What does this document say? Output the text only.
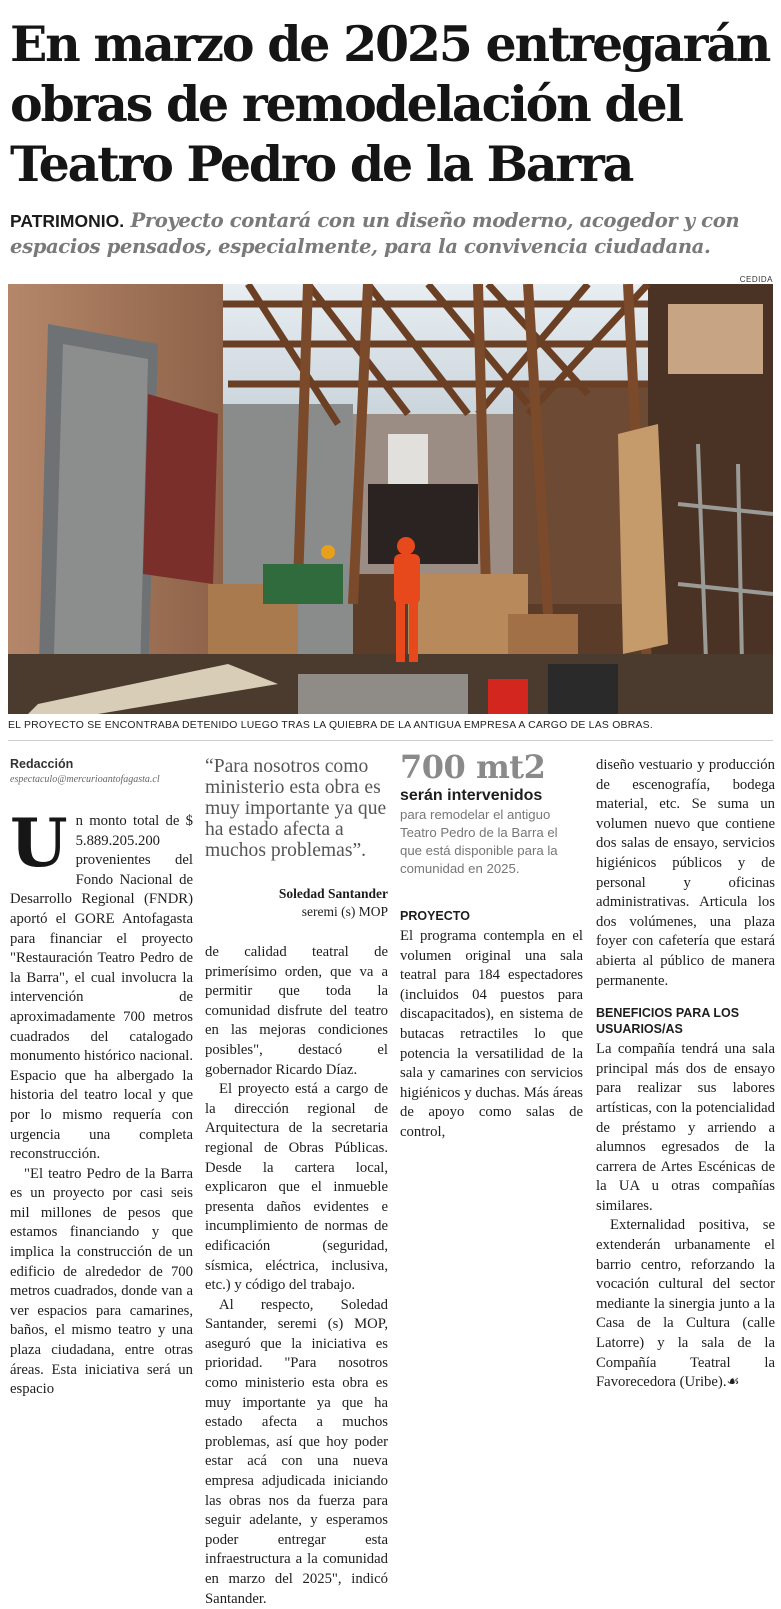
En marzo de 2025 entregarán
obras de remodelación del
Teatro Pedro de la Barra

PATRIMONIO. Proyecto contará con un diseño moderno, acogedor y con espacios pensados, especialmente, para la convivencia ciudadana.

CEDIDA

EL PROYECTO SE ENCONTRABA DETENIDO LUEGO TRAS LA QUIEBRA DE LA ANTIGUA EMPRESA A CARGO DE LAS OBRAS.

Redacción

espectaculo@mercurioantofagasta.cl

Un monto total de $ 5.889.205.200 provenientes del Fondo Nacional de Desarrollo Regional (FNDR) aportó el GORE Antofagasta para financiar el proyecto "Restauración Teatro Pedro de la Barra", el cual involucra la intervención de aproximadamente 700 metros cuadrados del catalogado monumento histórico nacional. Espacio que ha albergado la historia del teatro local y que por lo mismo requería con urgencia una completa reconstrucción.

"El teatro Pedro de la Barra es un proyecto por casi seis mil millones de pesos que estamos financiando y que implica la construcción de un edificio de alrededor de 700 metros cuadrados, donde van a ver espacios para camarines, baños, el mismo teatro y una plaza ciudadana, entre otras áreas. Esta iniciativa será un espacio

“Para nosotros como ministerio esta obra es muy importante ya que ha estado afecta a muchos problemas”.

Soledad Santander

seremi (s) MOP

de calidad teatral de primerísimo orden, que va a permitir que toda la comunidad disfrute del teatro en las mejoras condiciones posibles", destacó el gobernador Ricardo Díaz.

El proyecto está a cargo de la dirección regional de Arquitectura de la secretaria regional de Obras Públicas. Desde la cartera local, explicaron que el inmueble presenta daños evidentes e incumplimiento de normas de edificación (seguridad, sísmica, eléctrica, inclusiva, etc.) y código del trabajo.

Al respecto, Soledad Santander, seremi (s) MOP, aseguró que la iniciativa es prioridad. "Para nosotros como ministerio esta obra es muy importante ya que ha estado afecta a muchos problemas, así que hoy poder estar acá con una nueva empresa adjudicada iniciando las obras nos da fuerza para seguir adelante, y esperamos poder entregar esta infraestructura a la comunidad en marzo del 2025", indicó Santander.

700 mt2

serán intervenidos

para remodelar el antiguo Teatro Pedro de la Barra el que está disponible para la comunidad en 2025.

PROYECTO

El programa contempla en el volumen original una sala teatral para 184 espectadores (incluidos 04 puestos para discapacitados), en sistema de butacas retractiles lo que potencia la versatilidad de la sala y camarines con servicios higiénicos y duchas. Más áreas de apoyo como salas de control,

diseño vestuario y producción de escenografía, bodega material, etc. Se suma un volumen nuevo que contiene dos salas de ensayo, servicios higiénicos públicos y de personal y oficinas administrativas. Articula los dos volúmenes, una plaza foyer con cafetería que estará abierta al público de manera permanente.

BENEFICIOS PARA LOS USUARIOS/AS

La compañía tendrá una sala principal más dos de ensayo para realizar sus labores artísticas, con la potencialidad de préstamo y arriendo a alumnos egresados de la carrera de Artes Escénicas de la UA u otras compañías similares.

Externalidad positiva, se extenderán urbanamente el barrio centro, reforzando la vocación cultural del sector mediante la sinergia junto a la Casa de la Cultura (calle Latorre) y la sala de la Compañía Teatral la Favorecedora (Uribe).☙
